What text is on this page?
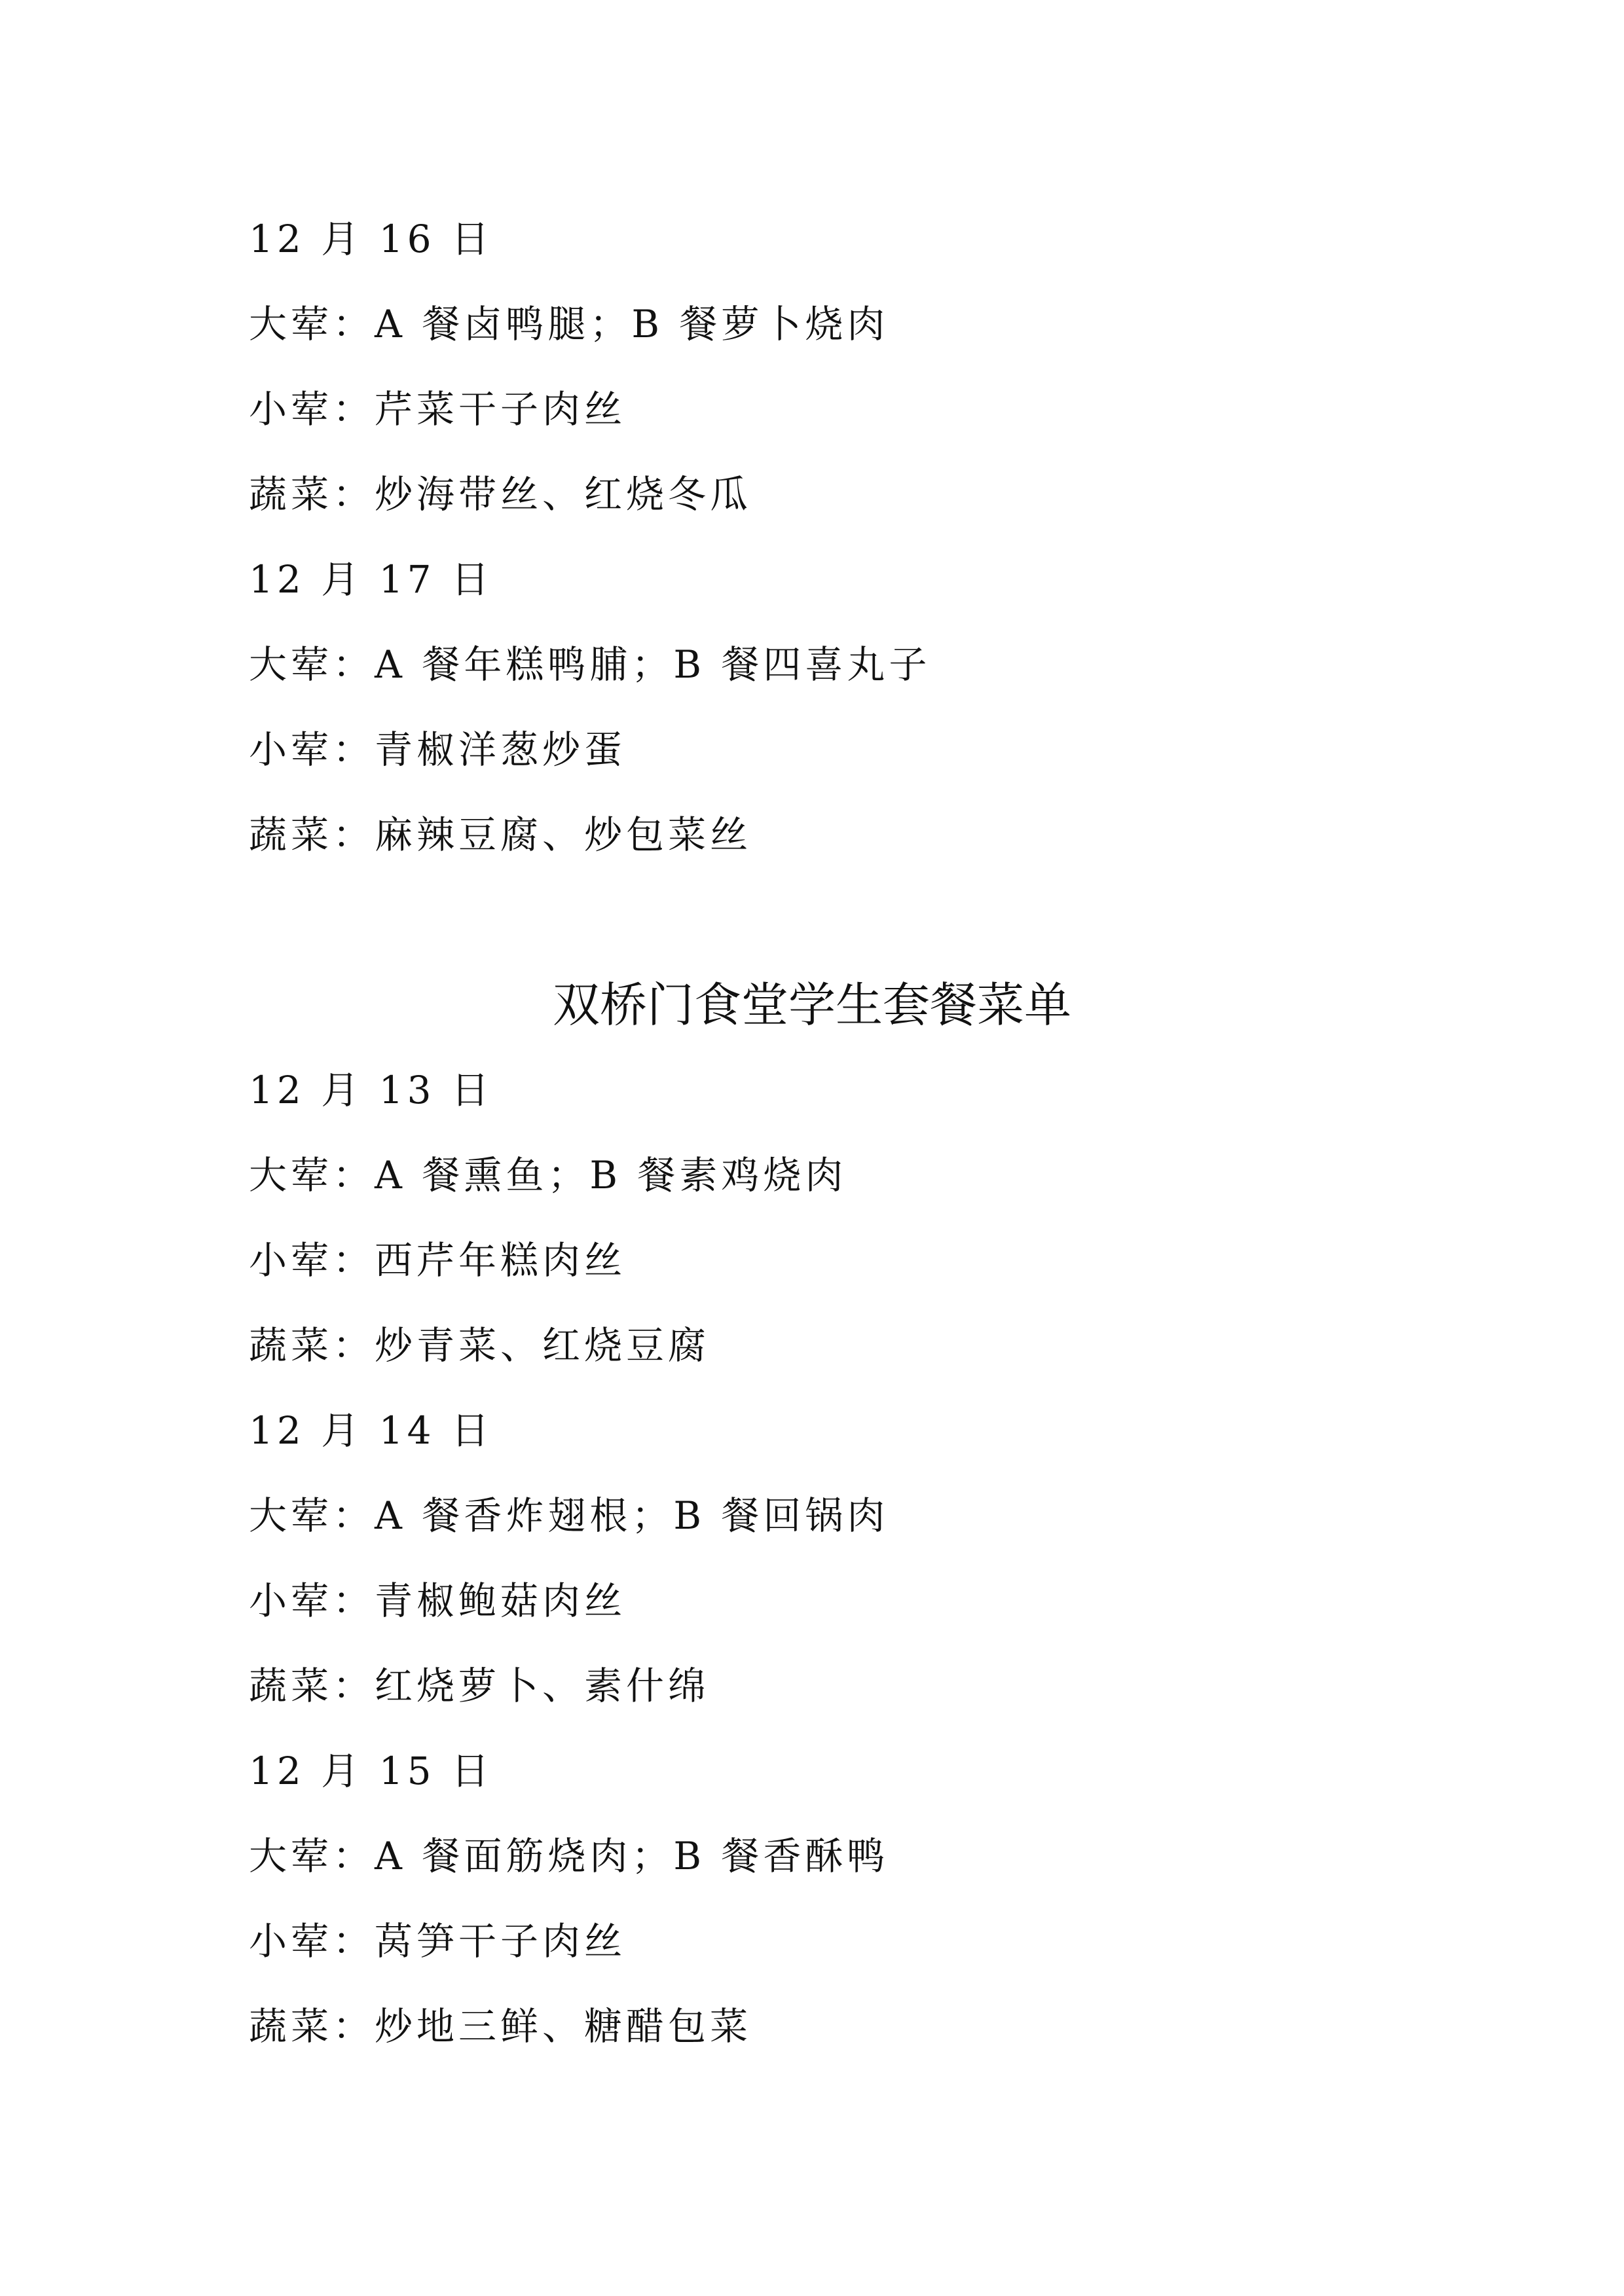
12 月 16 日
大荤：A 餐卤鸭腿；B 餐萝卜烧肉
小荤：芹菜干子肉丝
蔬菜：炒海带丝、红烧冬瓜
12 月 17 日
大荤：A 餐年糕鸭脯；B 餐四喜丸子
小荤：青椒洋葱炒蛋
蔬菜：麻辣豆腐、炒包菜丝
双桥门食堂学生套餐菜单
12 月 13 日
大荤：A 餐熏鱼；B 餐素鸡烧肉
小荤：西芹年糕肉丝
蔬菜：炒青菜、红烧豆腐
12 月 14 日
大荤：A 餐香炸翅根；B 餐回锅肉
小荤：青椒鲍菇肉丝
蔬菜：红烧萝卜、素什绵
12 月 15 日
大荤：A 餐面筋烧肉；B 餐香酥鸭
小荤：莴笋干子肉丝
蔬菜：炒地三鲜、糖醋包菜
